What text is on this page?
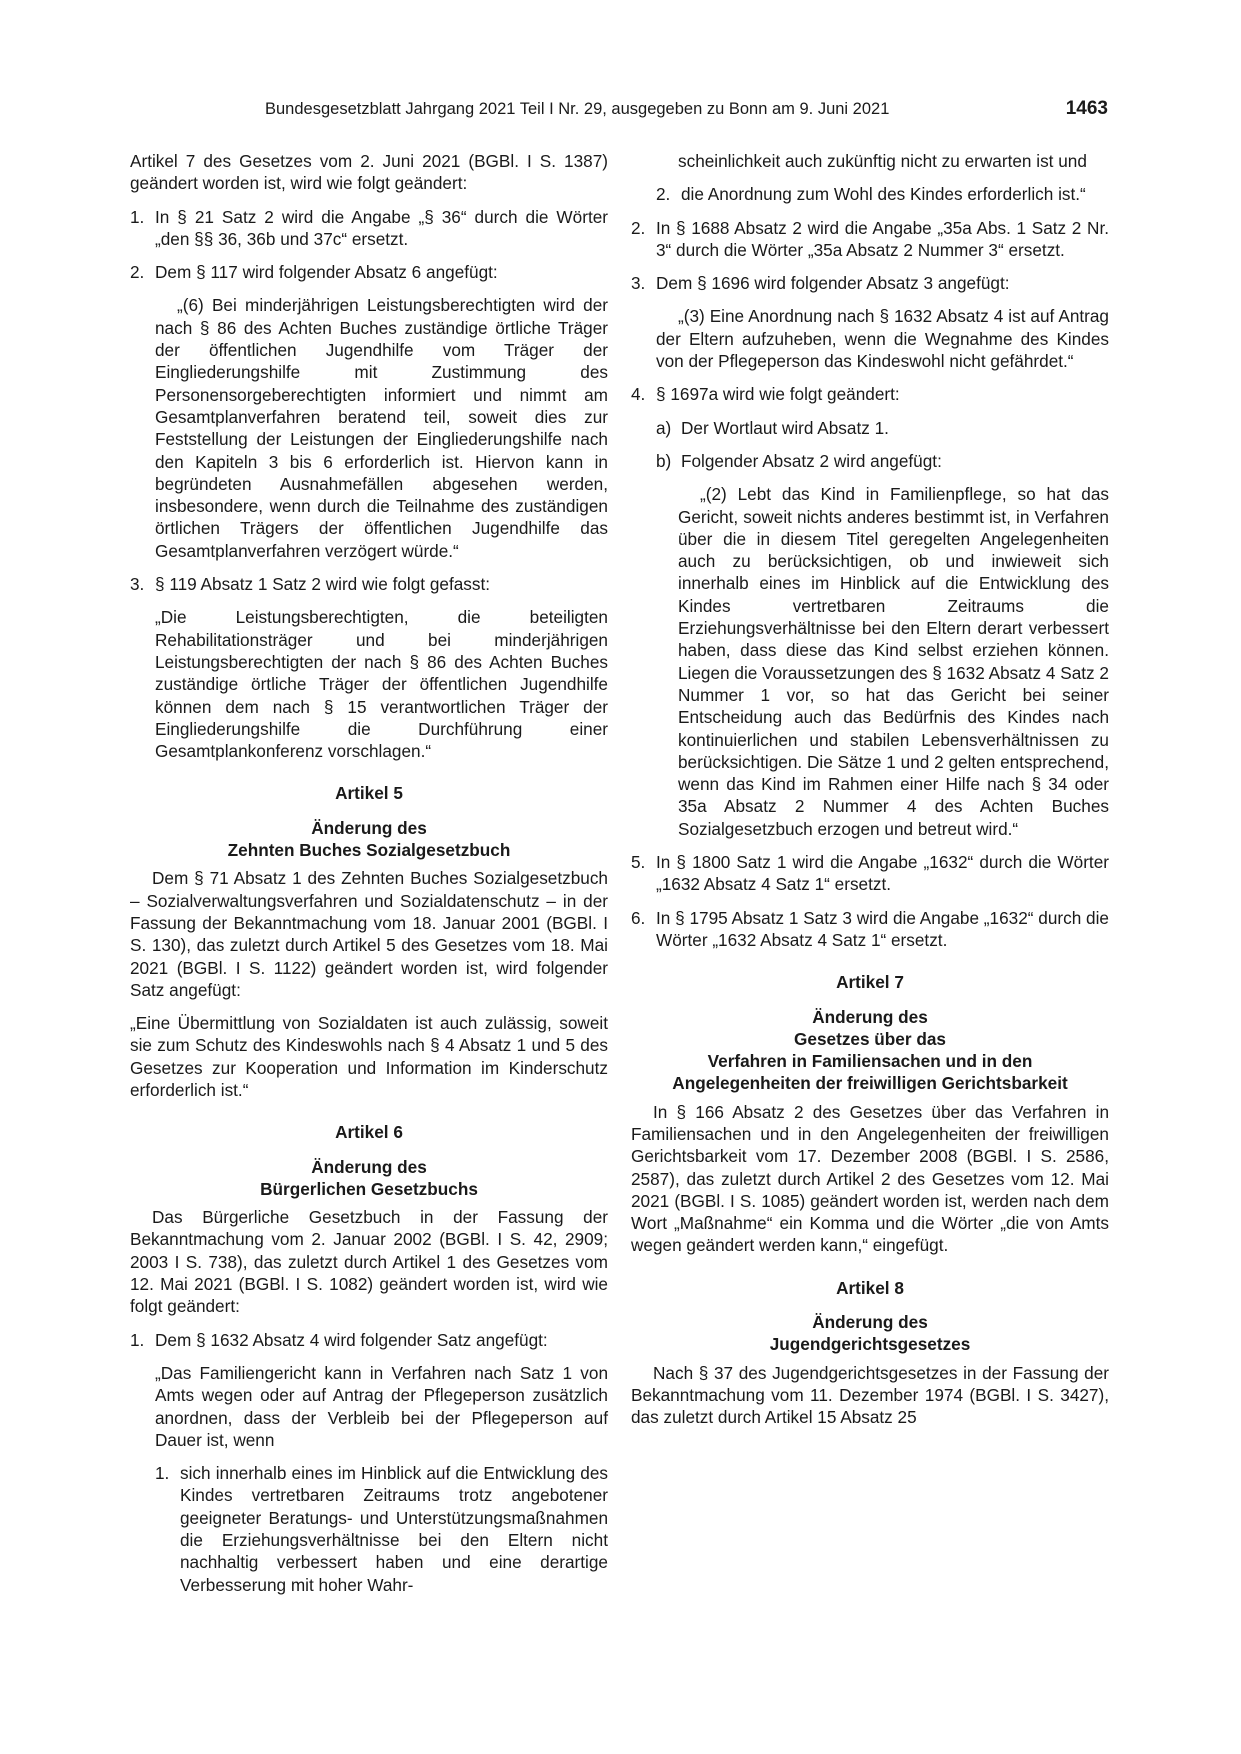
Bundesgesetzblatt Jahrgang 2021 Teil I Nr. 29, ausgegeben zu Bonn am 9. Juni 2021	1463

Artikel 7 des Gesetzes vom 2. Juni 2021 (BGBl. I S. 1387) geändert worden ist, wird wie folgt geändert:

1. In § 21 Satz 2 wird die Angabe „§ 36“ durch die Wörter „den §§ 36, 36b und 37c“ ersetzt.
2. Dem § 117 wird folgender Absatz 6 angefügt:

„(6) Bei minderjährigen Leistungsberechtigten wird der nach § 86 des Achten Buches zuständige örtliche Träger der öffentlichen Jugendhilfe vom Träger der Eingliederungshilfe mit Zustimmung des Personensorgeberechtigten informiert und nimmt am Gesamtplanverfahren beratend teil, soweit dies zur Feststellung der Leistungen der Eingliederungshilfe nach den Kapiteln 3 bis 6 erforderlich ist. Hiervon kann in begründeten Ausnahmefällen abgesehen werden, insbesondere, wenn durch die Teilnahme des zuständigen örtlichen Trägers der öffentlichen Jugendhilfe das Gesamtplanverfahren verzögert würde.“

3. § 119 Absatz 1 Satz 2 wird wie folgt gefasst:

„Die Leistungsberechtigten, die beteiligten Rehabilitationsträger und bei minderjährigen Leistungsberechtigten der nach § 86 des Achten Buches zuständige örtliche Träger der öffentlichen Jugendhilfe können dem nach § 15 verantwortlichen Träger der Eingliederungshilfe die Durchführung einer Gesamtplankonferenz vorschlagen.“

Artikel 5

Änderung des

Zehnten Buches Sozialgesetzbuch

Dem § 71 Absatz 1 des Zehnten Buches Sozialgesetzbuch – Sozialverwaltungsverfahren und Sozialdatenschutz – in der Fassung der Bekanntmachung vom 18. Januar 2001 (BGBl. I S. 130), das zuletzt durch Artikel 5 des Gesetzes vom 18. Mai 2021 (BGBl. I S. 1122) geändert worden ist, wird folgender Satz angefügt:

„Eine Übermittlung von Sozialdaten ist auch zulässig, soweit sie zum Schutz des Kindeswohls nach § 4 Absatz 1 und 5 des Gesetzes zur Kooperation und Information im Kinderschutz erforderlich ist.“

Artikel 6

Änderung des

Bürgerlichen Gesetzbuchs

Das Bürgerliche Gesetzbuch in der Fassung der Bekanntmachung vom 2. Januar 2002 (BGBl. I S. 42, 2909; 2003 I S. 738), das zuletzt durch Artikel 1 des Gesetzes vom 12. Mai 2021 (BGBl. I S. 1082) geändert worden ist, wird wie folgt geändert:

1. Dem § 1632 Absatz 4 wird folgender Satz angefügt:

„Das Familiengericht kann in Verfahren nach Satz 1 von Amts wegen oder auf Antrag der Pflegeperson zusätzlich anordnen, dass der Verbleib bei der Pflegeperson auf Dauer ist, wenn

1. sich innerhalb eines im Hinblick auf die Entwicklung des Kindes vertretbaren Zeitraums trotz angebotener geeigneter Beratungs- und Unterstützungsmaßnahmen die Erziehungsverhältnisse bei den Eltern nicht nachhaltig verbessert haben und eine derartige Verbesserung mit hoher Wahr-

scheinlichkeit auch zukünftig nicht zu erwarten ist und

2. die Anordnung zum Wohl des Kindes erforderlich ist.“
2. In § 1688 Absatz 2 wird die Angabe „35a Abs. 1 Satz 2 Nr. 3“ durch die Wörter „35a Absatz 2 Nummer 3“ ersetzt.
3. Dem § 1696 wird folgender Absatz 3 angefügt:

„(3) Eine Anordnung nach § 1632 Absatz 4 ist auf Antrag der Eltern aufzuheben, wenn die Wegnahme des Kindes von der Pflegeperson das Kindeswohl nicht gefährdet.“

4. § 1697a wird wie folgt geändert:
a) Der Wortlaut wird Absatz 1.
b) Folgender Absatz 2 wird angefügt:

„(2) Lebt das Kind in Familienpflege, so hat das Gericht, soweit nichts anderes bestimmt ist, in Verfahren über die in diesem Titel geregelten Angelegenheiten auch zu berücksichtigen, ob und inwieweit sich innerhalb eines im Hinblick auf die Entwicklung des Kindes vertretbaren Zeitraums die Erziehungsverhältnisse bei den Eltern derart verbessert haben, dass diese das Kind selbst erziehen können. Liegen die Voraussetzungen des § 1632 Absatz 4 Satz 2 Nummer 1 vor, so hat das Gericht bei seiner Entscheidung auch das Bedürfnis des Kindes nach kontinuierlichen und stabilen Lebensverhältnissen zu berücksichtigen. Die Sätze 1 und 2 gelten entsprechend, wenn das Kind im Rahmen einer Hilfe nach § 34 oder 35a Absatz 2 Nummer 4 des Achten Buches Sozialgesetzbuch erzogen und betreut wird.“

5. In § 1800 Satz 1 wird die Angabe „1632“ durch die Wörter „1632 Absatz 4 Satz 1“ ersetzt.
6. In § 1795 Absatz 1 Satz 3 wird die Angabe „1632“ durch die Wörter „1632 Absatz 4 Satz 1“ ersetzt.

Artikel 7

Änderung des

Gesetzes über das

Verfahren in Familiensachen und in den

Angelegenheiten der freiwilligen Gerichtsbarkeit

In § 166 Absatz 2 des Gesetzes über das Verfahren in Familiensachen und in den Angelegenheiten der freiwilligen Gerichtsbarkeit vom 17. Dezember 2008 (BGBl. I S. 2586, 2587), das zuletzt durch Artikel 2 des Gesetzes vom 12. Mai 2021 (BGBl. I S. 1085) geändert worden ist, werden nach dem Wort „Maßnahme“ ein Komma und die Wörter „die von Amts wegen geändert werden kann,“ eingefügt.

Artikel 8

Änderung des

Jugendgerichtsgesetzes

Nach § 37 des Jugendgerichtsgesetzes in der Fassung der Bekanntmachung vom 11. Dezember 1974 (BGBl. I S. 3427), das zuletzt durch Artikel 15 Absatz 25
